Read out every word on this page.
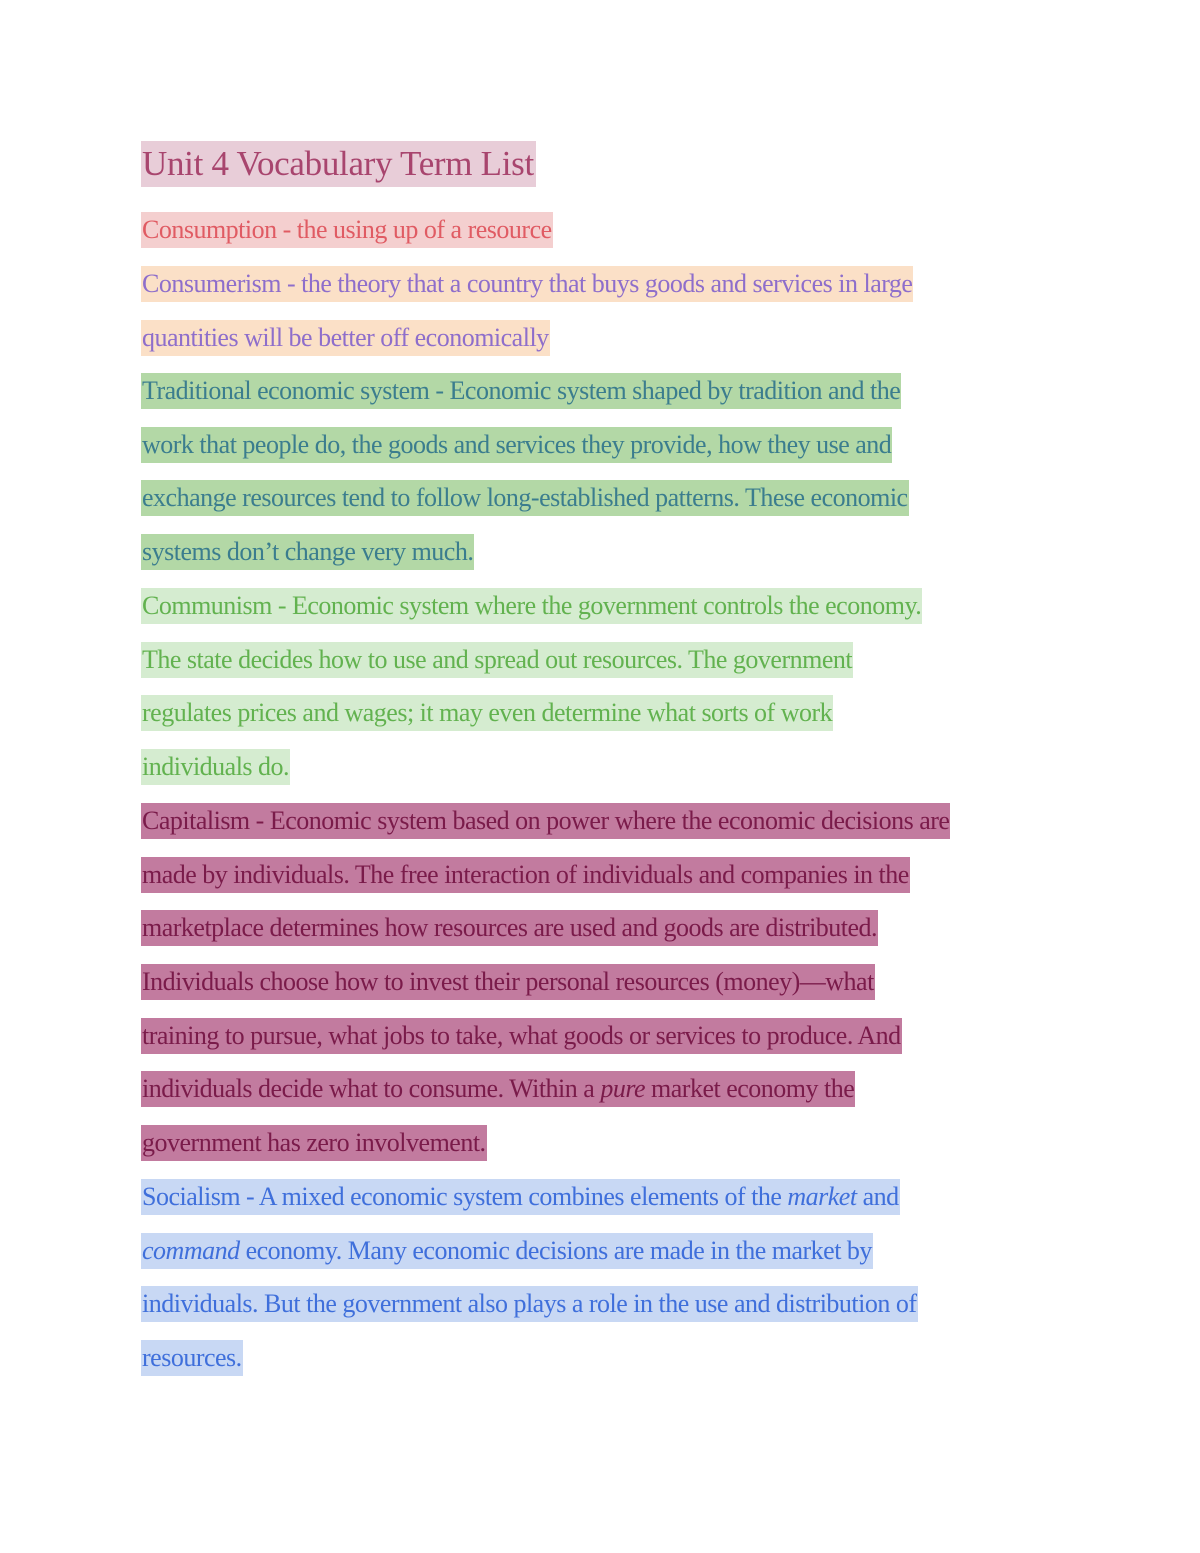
Unit 4 Vocabulary Term List
Consumption - the using up of a resource
Consumerism - the theory that a country that buys goods and services in large
quantities will be better off economically
Traditional economic system - Economic system shaped by tradition and the
work that people do, the goods and services they provide, how they use and
exchange resources tend to follow long-established patterns. These economic
systems don’t change very much.
Communism - Economic system where the government controls the economy.
The state decides how to use and spread out resources. The government
regulates prices and wages; it may even determine what sorts of work
individuals do.
Capitalism - Economic system based on power where the economic decisions are
made by individuals. The free interaction of individuals and companies in the
marketplace determines how resources are used and goods are distributed.
Individuals choose how to invest their personal resources (money)—what
training to pursue, what jobs to take, what goods or services to produce. And
individuals decide what to consume. Within a pure market economy the
government has zero involvement.
Socialism - A mixed economic system combines elements of the market and
command economy. Many economic decisions are made in the market by
individuals. But the government also plays a role in the use and distribution of
resources.
